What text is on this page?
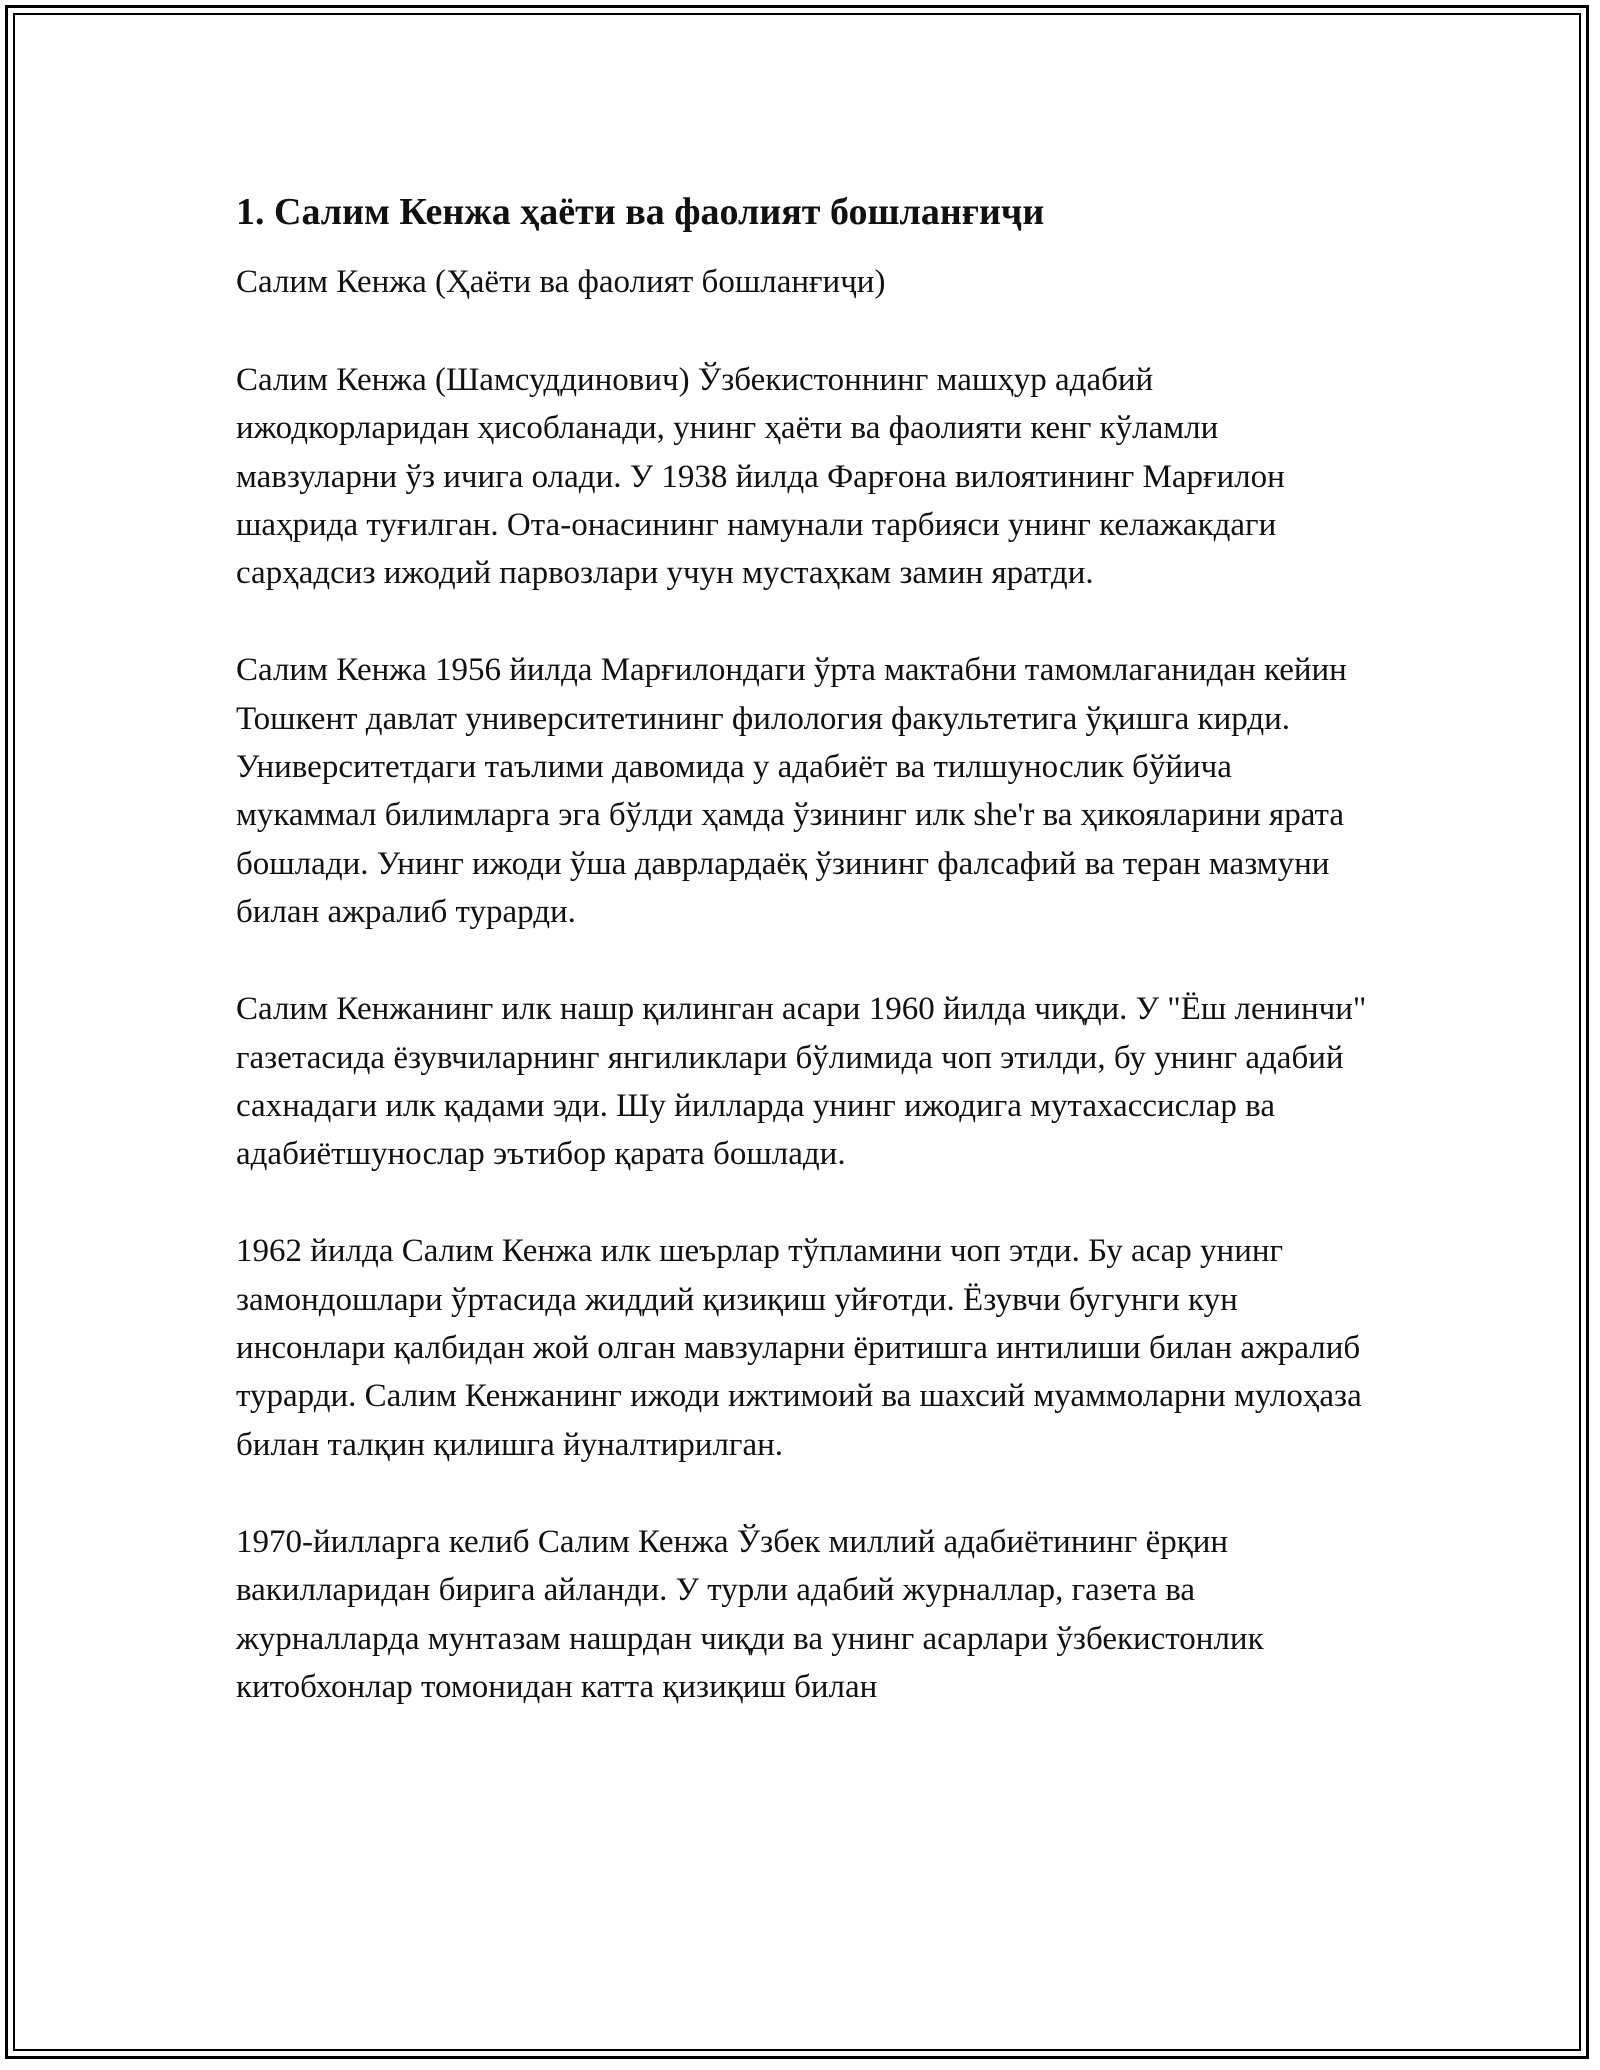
1. Салим Кенжа ҳаёти ва фаолият бошланғиҷи

Салим Кенжа (Ҳаёти ва фаолият бошланғиҷи)

Салим Кенжа (Шамсуддинович) Ўзбекистоннинг машҳур адабий ижодкорларидан ҳисобланади, унинг ҳаёти ва фаолияти кенг кўламли мавзуларни ўз ичига олади. У 1938 йилда Фарғона вилоятининг Марғилон шаҳрида туғилган. Ота-онасининг намунали тарбияси унинг келажакдаги сарҳадсиз ижодий парвозлари учун мустаҳкам замин яратди.

Салим Кенжа 1956 йилда Марғилондаги ўрта мактабни тамомлаганидан кейин Тошкент давлат университетининг филология факультетига ўқишга кирди. Университетдаги таълими давомида у адабиёт ва тилшунослик бўйича мукаммал билимларга эга бўлди ҳамда ўзининг илк she'r ва ҳикояларини ярата бошлади. Унинг ижоди ўша даврлардаёқ ўзининг фалсафий ва теран мазмуни билан ажралиб турарди.

Салим Кенжанинг илк нашр қилинган асари 1960 йилда чиқди. У "Ёш ленинчи" газетасида ёзувчиларнинг янгиликлари бўлимида чоп этилди, бу унинг адабий сахнадаги илк қадами эди. Шу йилларда унинг ижодига мутахассислар ва адабиётшунослар эътибор қарата бошлади.

1962 йилда Салим Кенжа илк шеърлар тўпламини чоп этди. Бу асар унинг замондошлари ўртасида жиддий қизиқиш уйғотди. Ёзувчи бугунги кун инсонлари қалбидан жой олган мавзуларни ёритишга интилиши билан ажралиб турарди. Салим Кенжанинг ижоди ижтимоий ва шахсий муаммоларни мулоҳаза билан талқин қилишга йуналтирилган.

1970-йилларга келиб Салим Кенжа Ўзбек миллий адабиётининг ёрқин вакилларидан бирига айланди. У турли адабий журналлар, газета ва журналларда мунтазам нашрдан чиқди ва унинг асарлари ўзбекистонлик китобхонлар томонидан катта қизиқиш билан
